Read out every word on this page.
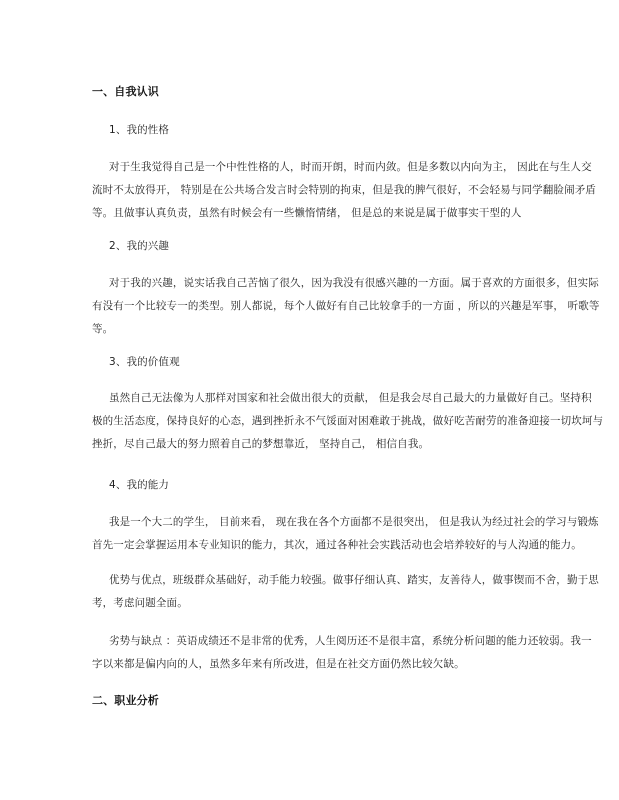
一、自我认识
1、我的性格
对于生我觉得自己是一个中性性格的人，时而开朗，时而内敛。但是多数以内向为主， 因此在与生人交
流时不太放得开， 特别是在公共场合发言时会特别的拘束，但是我的脾气很好，不会轻易与同学翻脸闹矛盾
等。且做事认真负责，虽然有时候会有一些懒惰情绪， 但是总的来说是属于做事实干型的人
2、我的兴趣
对于我的兴趣，说实话我自己苦恼了很久，因为我没有很感兴趣的一方面。属于喜欢的方面很多，但实际
有没有一个比较专一的类型。别人都说，每个人做好有自己比较拿手的一方面 ，所以的兴趣是军事， 听歌等
等。
3、我的价值观
虽然自己无法像为人那样对国家和社会做出很大的贡献， 但是我会尽自己最大的力量做好自己。坚持积
极的生活态度，保持良好的心态，遇到挫折永不气馁面对困难敢于挑战，做好吃苦耐劳的准备迎接一切坎坷与
挫折，尽自己最大的努力照着自己的梦想靠近， 坚持自己， 相信自我。
4、我的能力
我是一个大二的学生， 目前来看， 现在我在各个方面都不是很突出， 但是我认为经过社会的学习与锻炼
首先一定会掌握运用本专业知识的能力，其次，通过各种社会实践活动也会培养较好的与人沟通的能力。
优势与优点，班级群众基础好，动手能力较强。做事仔细认真、踏实，友善待人，做事锲而不舍，勤于思
考，考虑问题全面。
劣势与缺点 ：英语成绩还不是非常的优秀，人生阅历还不是很丰富，系统分析问题的能力还较弱。我一
字以来都是偏内向的人，虽然多年来有所改进，但是在社交方面仍然比较欠缺。
二、职业分析
